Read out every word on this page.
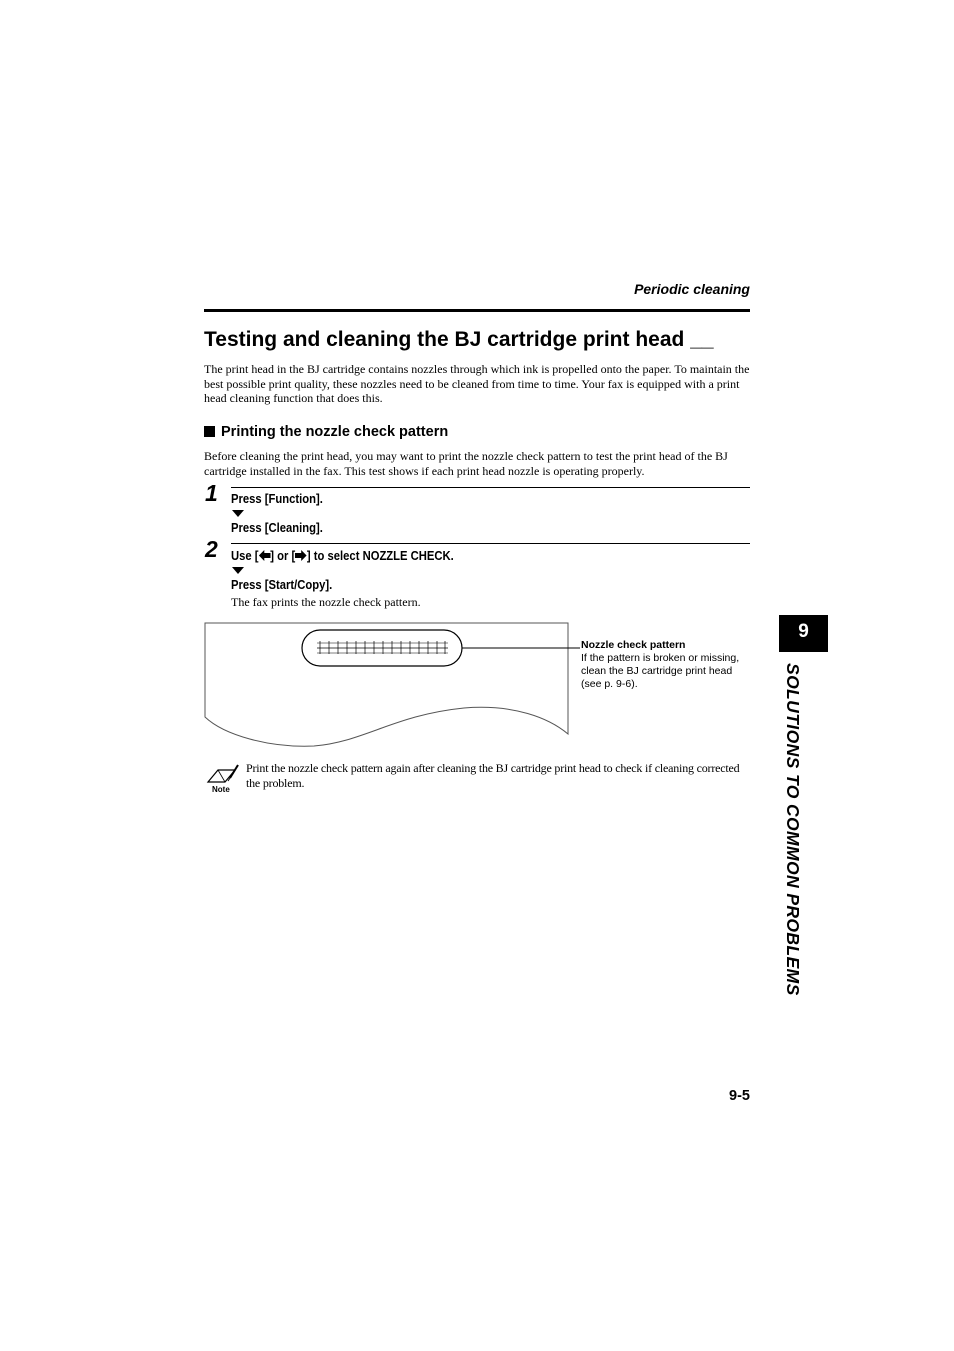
Periodic cleaning
Testing and cleaning the BJ cartridge print head __
The print head in the BJ cartridge contains nozzles through which ink is propelled onto the paper. To maintain the best possible print quality, these nozzles need to be cleaned from time to time. Your fax is equipped with a print head cleaning function that does this.
Printing the nozzle check pattern
Before cleaning the print head, you may want to print the nozzle check pattern to test the print head of the BJ cartridge installed in the fax. This test shows if each print head nozzle is operating properly.
1 Press [Function].
Press [Cleaning].
2 Use [ ] or [ ] to select NOZZLE CHECK.
Press [Start/Copy].
The fax prints the nozzle check pattern.
Nozzle check pattern
If the pattern is broken or missing, clean the BJ cartridge print head (see p. 9-6).
Note
Print the nozzle check pattern again after cleaning the BJ cartridge print head to check if cleaning corrected the problem.
9
SOLUTIONS TO COMMON PROBLEMS
9-5
